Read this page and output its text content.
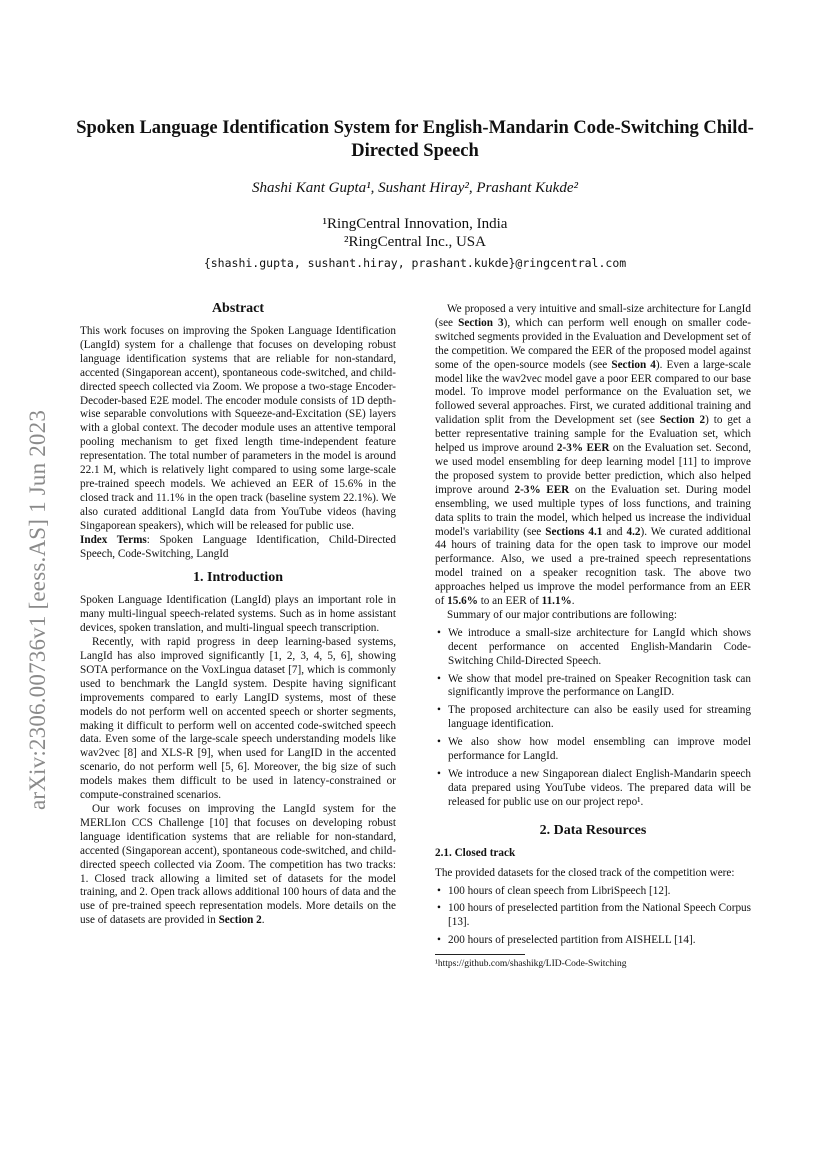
arXiv:2306.00736v1 [eess.AS] 1 Jun 2023
Spoken Language Identification System for English-Mandarin Code-Switching Child-Directed Speech
Shashi Kant Gupta¹, Sushant Hiray², Prashant Kukde²
¹RingCentral Innovation, India
²RingCentral Inc., USA
{shashi.gupta, sushant.hiray, prashant.kukde}@ringcentral.com
Abstract

This work focuses on improving the Spoken Language Identification (LangId) system for a challenge that focuses on developing robust language identification systems that are reliable for non-standard, accented (Singaporean accent), spontaneous code-switched, and child-directed speech collected via Zoom. We propose a two-stage Encoder-Decoder-based E2E model. The encoder module consists of 1D depth-wise separable convolutions with Squeeze-and-Excitation (SE) layers with a global context. The decoder module uses an attentive temporal pooling mechanism to get fixed length time-independent feature representation. The total number of parameters in the model is around 22.1 M, which is relatively light compared to using some large-scale pre-trained speech models. We achieved an EER of 15.6% in the closed track and 11.1% in the open track (baseline system 22.1%). We also curated additional LangId data from YouTube videos (having Singaporean speakers), which will be released for public use.

Index Terms: Spoken Language Identification, Child-Directed Speech, Code-Switching, LangId

1. Introduction

Spoken Language Identification (LangId) plays an important role in many multi-lingual speech-related systems. Such as in home assistant devices, spoken translation, and multi-lingual speech transcription.

Recently, with rapid progress in deep learning-based systems, LangId has also improved significantly [1, 2, 3, 4, 5, 6], showing SOTA performance on the VoxLingua dataset [7], which is commonly used to benchmark the LangId system. Despite having significant improvements compared to early LangID systems, most of these models do not perform well on accented speech or shorter segments, making it difficult to perform well on accented code-switched speech data. Even some of the large-scale speech understanding models like wav2vec [8] and XLS-R [9], when used for LangID in the accented scenario, do not perform well [5, 6]. Moreover, the big size of such models makes them difficult to be used in latency-constrained or compute-constrained scenarios.

Our work focuses on improving the LangId system for the MERLIon CCS Challenge [10] that focuses on developing robust language identification systems that are reliable for non-standard, accented (Singaporean accent), spontaneous code-switched, and child-directed speech collected via Zoom. The competition has two tracks: 1. Closed track allowing a limited set of datasets for the model training, and 2. Open track allows additional 100 hours of data and the use of pre-trained speech representation models. More details on the use of datasets are provided in Section 2.

We proposed a very intuitive and small-size architecture for LangId (see Section 3), which can perform well enough on smaller code-switched segments provided in the Evaluation and Development set of the competition. We compared the EER of the proposed model against some of the open-source models (see Section 4). Even a large-scale model like the wav2vec model gave a poor EER compared to our base model. To improve model performance on the Evaluation set, we followed several approaches. First, we curated additional training and validation split from the Development set (see Section 2) to get a better representative training sample for the Evaluation set, which helped us improve around 2-3% EER on the Evaluation set. Second, we used model ensembling for deep learning model [11] to improve the proposed system to provide better prediction, which also helped improve around 2-3% EER on the Evaluation set. During model ensembling, we used multiple types of loss functions, and training data splits to train the model, which helped us increase the individual model's variability (see Sections 4.1 and 4.2). We curated additional 44 hours of training data for the open task to improve our model performance. Also, we used a pre-trained speech representations model trained on a speaker recognition task. The above two approaches helped us improve the model performance from an EER of 15.6% to an EER of 11.1%.

Summary of our major contributions are following:

• We introduce a small-size architecture for LangId which shows decent performance on accented English-Mandarin Code-Switching Child-Directed Speech.
• We show that model pre-trained on Speaker Recognition task can significantly improve the performance on LangID.
• The proposed architecture can also be easily used for streaming language identification.
• We also show how model ensembling can improve model performance for LangId.
• We introduce a new Singaporean dialect English-Mandarin speech data prepared using YouTube videos. The prepared data will be released for public use on our project repo¹.
2. Data Resources
2.1. Closed track

The provided datasets for the closed track of the competition were:

• 100 hours of clean speech from LibriSpeech [12].
• 100 hours of preselected partition from the National Speech Corpus [13].
• 200 hours of preselected partition from AISHELL [14].
¹https://github.com/shashikg/LID-Code-Switching
